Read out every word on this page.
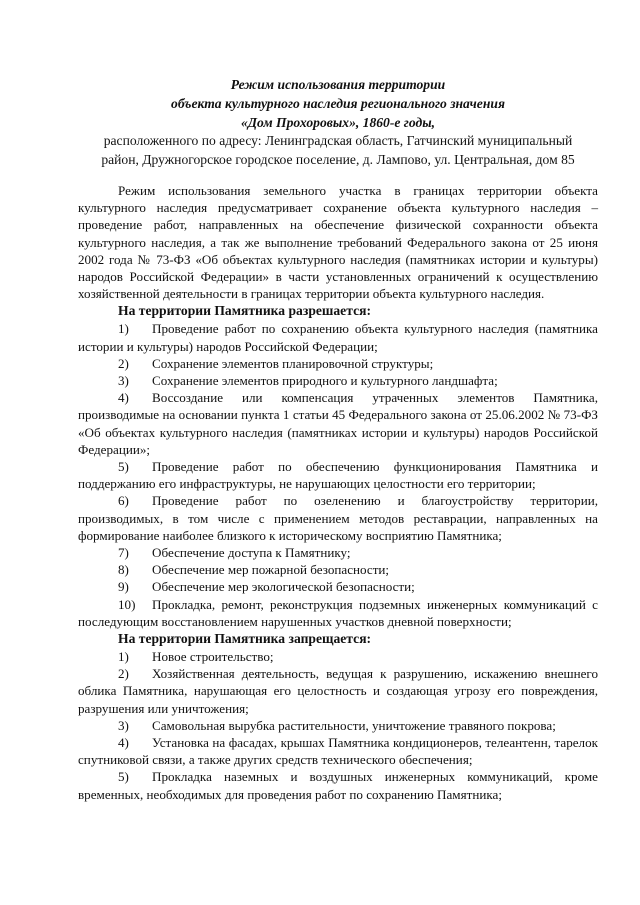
Режим использования территории
объекта культурного наследия регионального значения
«Дом Прохоровых», 1860-е годы,
расположенного по адресу: Ленинградская область, Гатчинский муниципальный
район, Дружногорское городское поселение, д. Лампово, ул. Центральная, дом 85
Режим использования земельного участка в границах территории объекта культурного наследия предусматривает сохранение объекта культурного наследия – проведение работ, направленных на обеспечение физической сохранности объекта культурного наследия, а так же выполнение требований Федерального закона от 25 июня 2002 года № 73-ФЗ «Об объектах культурного наследия (памятниках истории и культуры) народов Российской Федерации» в части установленных ограничений к осуществлению хозяйственной деятельности в границах территории объекта культурного наследия.
На территории Памятника разрешается:
1) Проведение работ по сохранению объекта культурного наследия (памятника истории и культуры) народов Российской Федерации;
2) Сохранение элементов планировочной структуры;
3) Сохранение элементов природного и культурного ландшафта;
4) Воссоздание или компенсация утраченных элементов Памятника, производимые на основании пункта 1 статьи 45 Федерального закона от 25.06.2002 № 73-ФЗ «Об объектах культурного наследия (памятниках истории и культуры) народов Российской Федерации»;
5) Проведение работ по обеспечению функционирования Памятника и поддержанию его инфраструктуры, не нарушающих целостности его территории;
6) Проведение работ по озеленению и благоустройству территории, производимых, в том числе с применением методов реставрации, направленных на формирование наиболее близкого к историческому восприятию Памятника;
7) Обеспечение доступа к Памятнику;
8) Обеспечение мер пожарной безопасности;
9) Обеспечение мер экологической безопасности;
10) Прокладка, ремонт, реконструкция подземных инженерных коммуникаций с последующим восстановлением нарушенных участков дневной поверхности;
На территории Памятника запрещается:
1) Новое строительство;
2) Хозяйственная деятельность, ведущая к разрушению, искажению внешнего облика Памятника, нарушающая его целостность и создающая угрозу его повреждения, разрушения или уничтожения;
3) Самовольная вырубка растительности, уничтожение травяного покрова;
4) Установка на фасадах, крышах Памятника кондиционеров, телеантенн, тарелок спутниковой связи, а также других средств технического обеспечения;
5) Прокладка наземных и воздушных инженерных коммуникаций, кроме временных, необходимых для проведения работ по сохранению Памятника;
